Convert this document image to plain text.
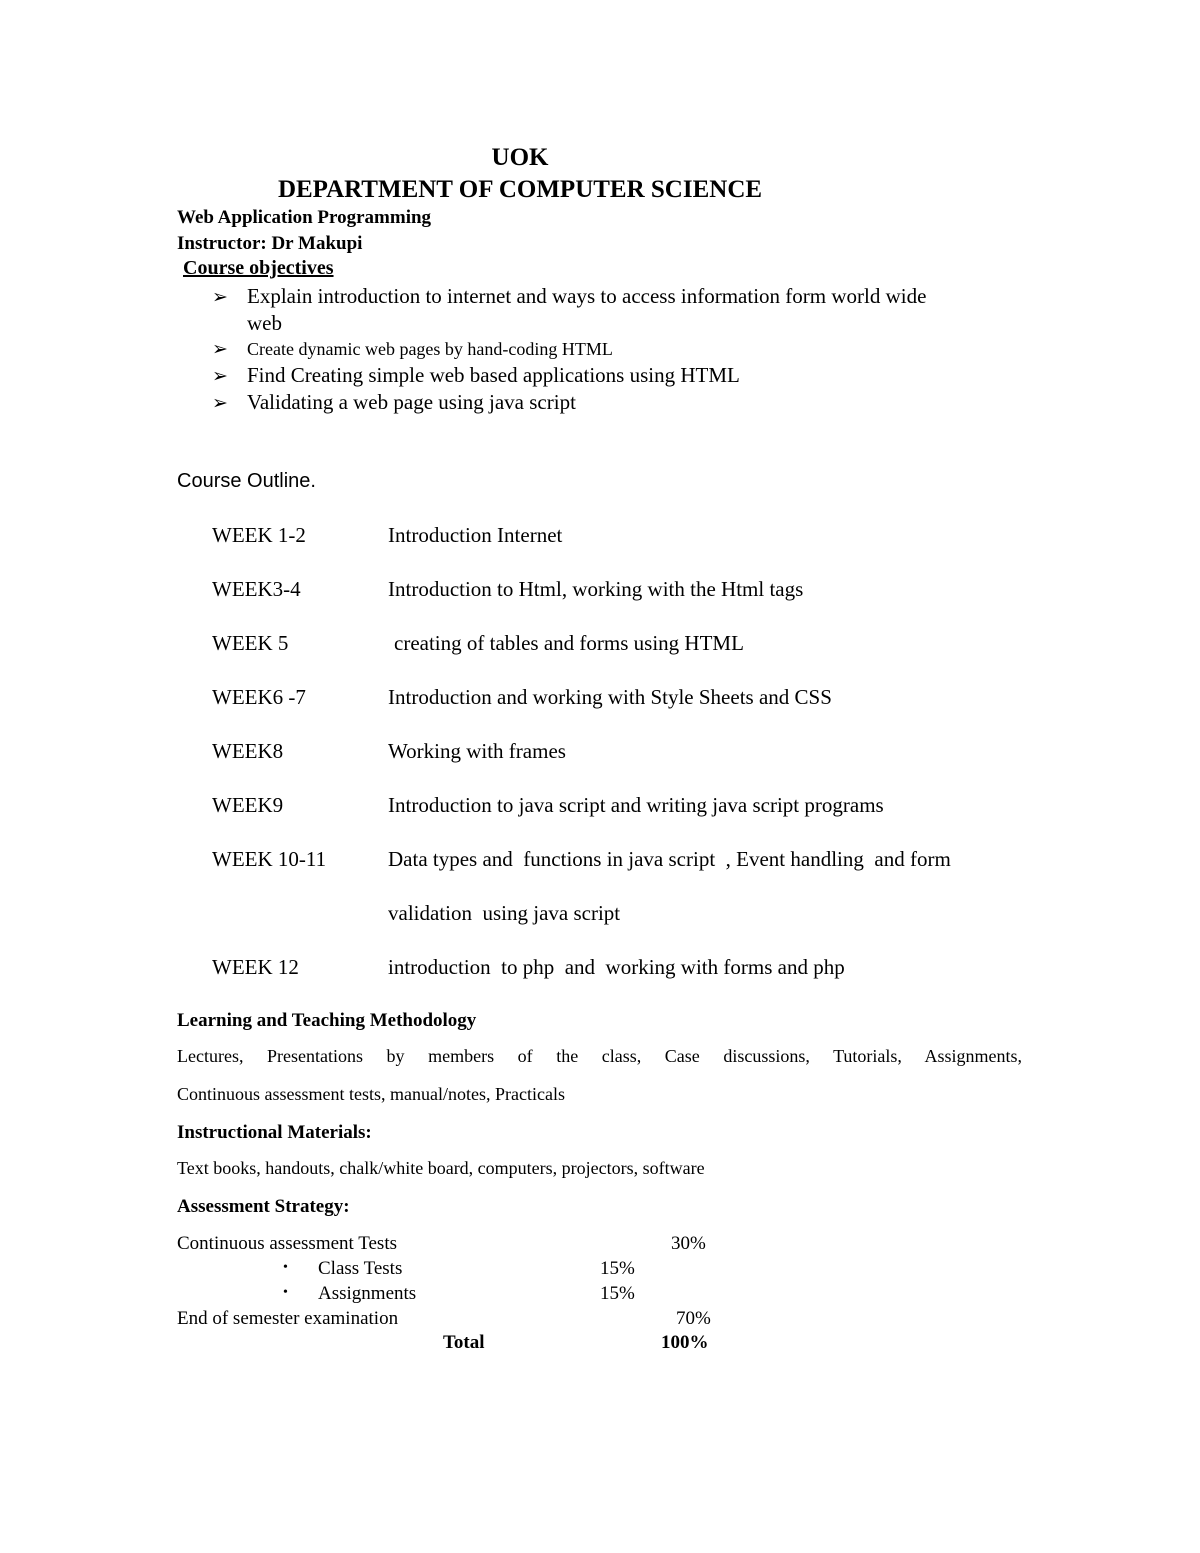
UOK
DEPARTMENT OF COMPUTER SCIENCE
Web Application Programming
Instructor: Dr Makupi
Course objectives
➢ Explain introduction to internet and ways to access information form world wide
web
➢ Create dynamic web pages by hand-coding HTML
➢ Find Creating simple web based applications using HTML
➢ Validating a web page using java script
Course Outline.
WEEK 1-2	Introduction Internet
WEEK3-4	Introduction to Html, working with the Html tags
WEEK 5	creating of tables and forms using HTML
WEEK6 -7	Introduction and working with Style Sheets and CSS
WEEK8	Working with frames
WEEK9	Introduction to java script and writing java script programs
WEEK 10-11	Data types and  functions in java script  , Event handling  and form
validation  using java script
WEEK 12	introduction  to php  and  working with forms and php
Learning and Teaching Methodology
Lectures, Presentations by members of the class, Case discussions, Tutorials, Assignments,
Continuous assessment tests, manual/notes, Practicals
Instructional Materials:
Text books, handouts, chalk/white board, computers, projectors, software
Assessment Strategy:
Continuous assessment Tests	30%
• Class Tests	15%
• Assignments	15%
End of semester examination	70%
Total	100%
